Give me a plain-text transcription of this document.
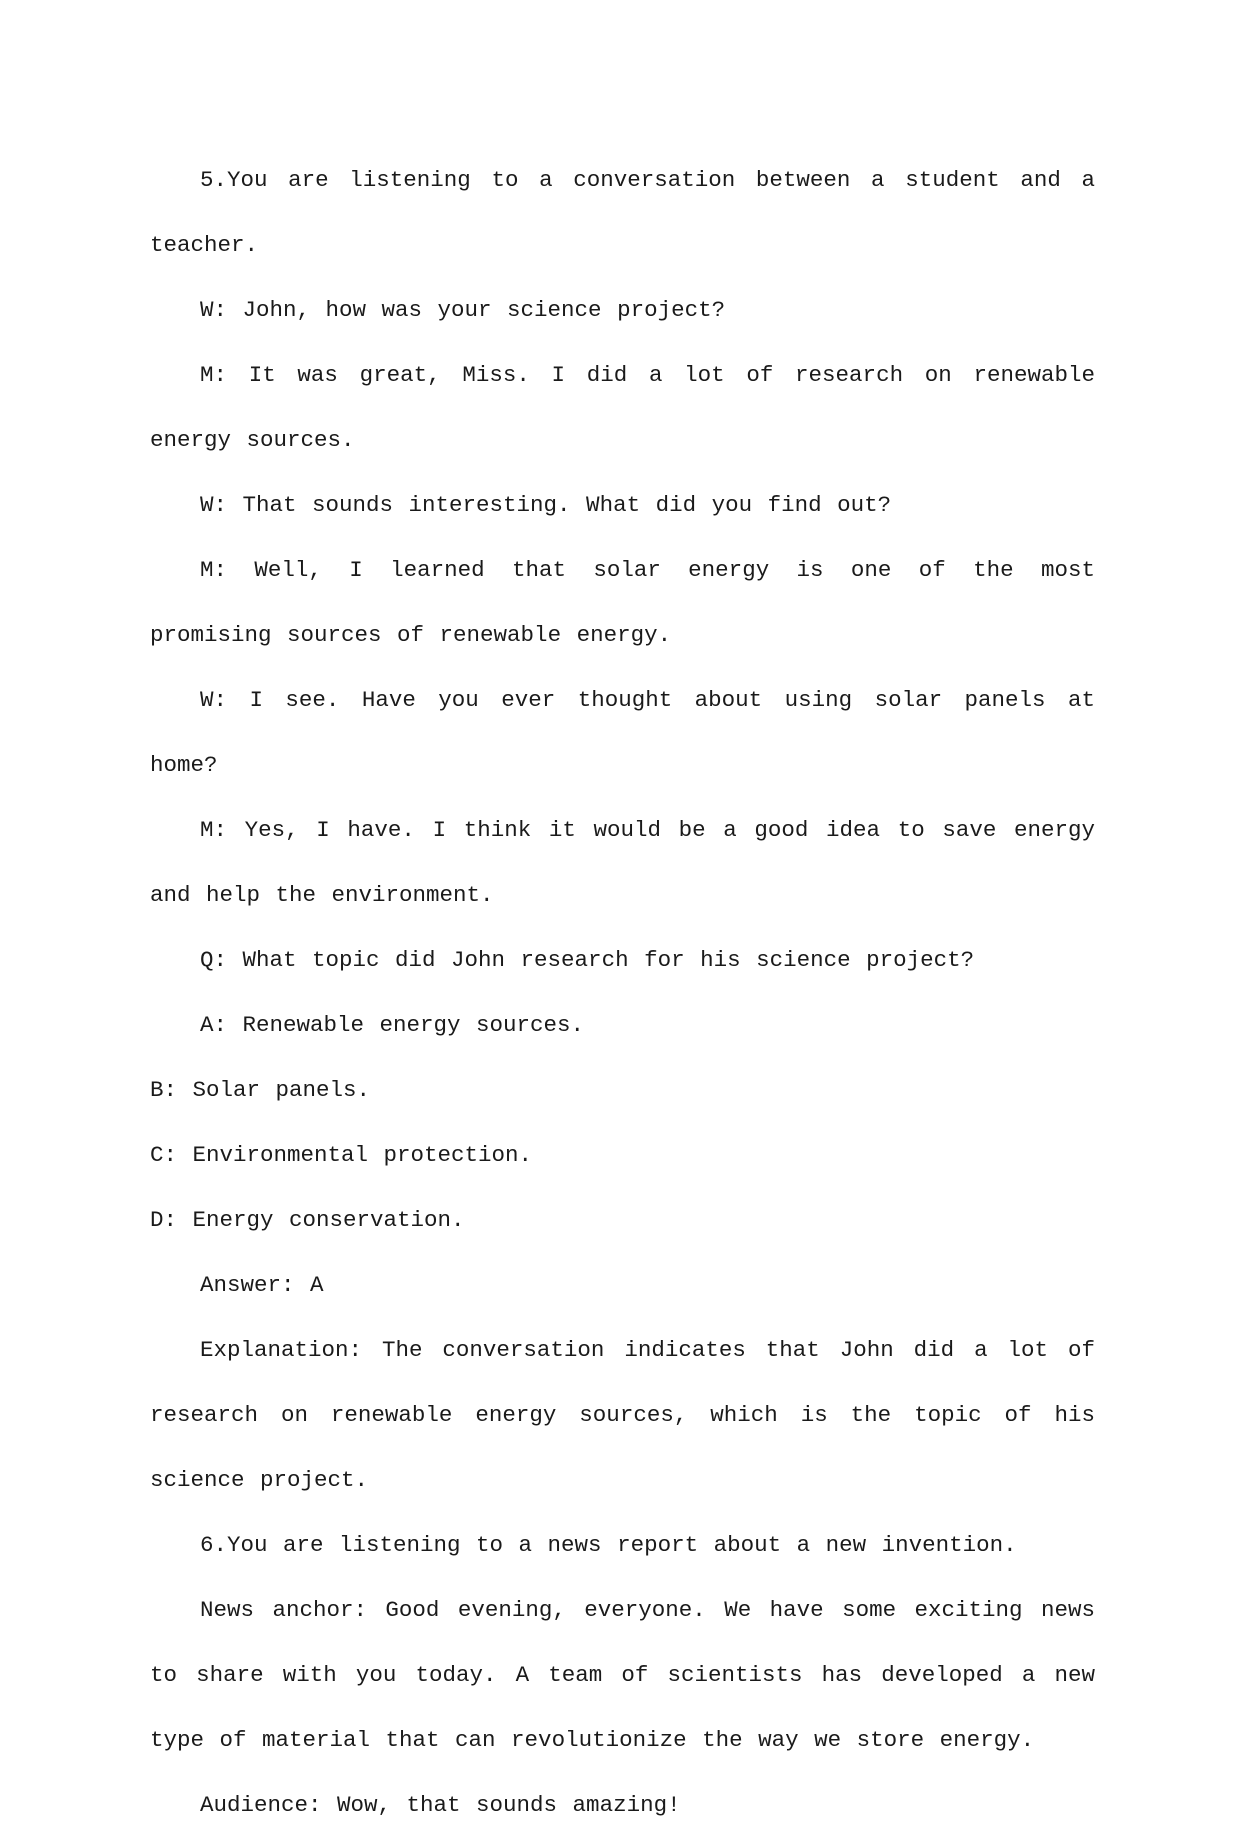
5.You are listening to a conversation between a student and a teacher.

W: John, how was your science project?

M: It was great, Miss. I did a lot of research on renewable energy sources.

W: That sounds interesting. What did you find out?

M: Well, I learned that solar energy is one of the most promising sources of renewable energy.

W: I see. Have you ever thought about using solar panels at home?

M: Yes, I have. I think it would be a good idea to save energy and help the environment.

Q: What topic did John research for his science project?

A: Renewable energy sources.

B: Solar panels.

C: Environmental protection.

D: Energy conservation.

Answer: A

Explanation: The conversation indicates that John did a lot of research on renewable energy sources, which is the topic of his science project.

6.You are listening to a news report about a new invention.

News anchor: Good evening, everyone. We have some exciting news to share with you today. A team of scientists has developed a new type of material that can revolutionize the way we store energy.

Audience: Wow, that sounds amazing!
